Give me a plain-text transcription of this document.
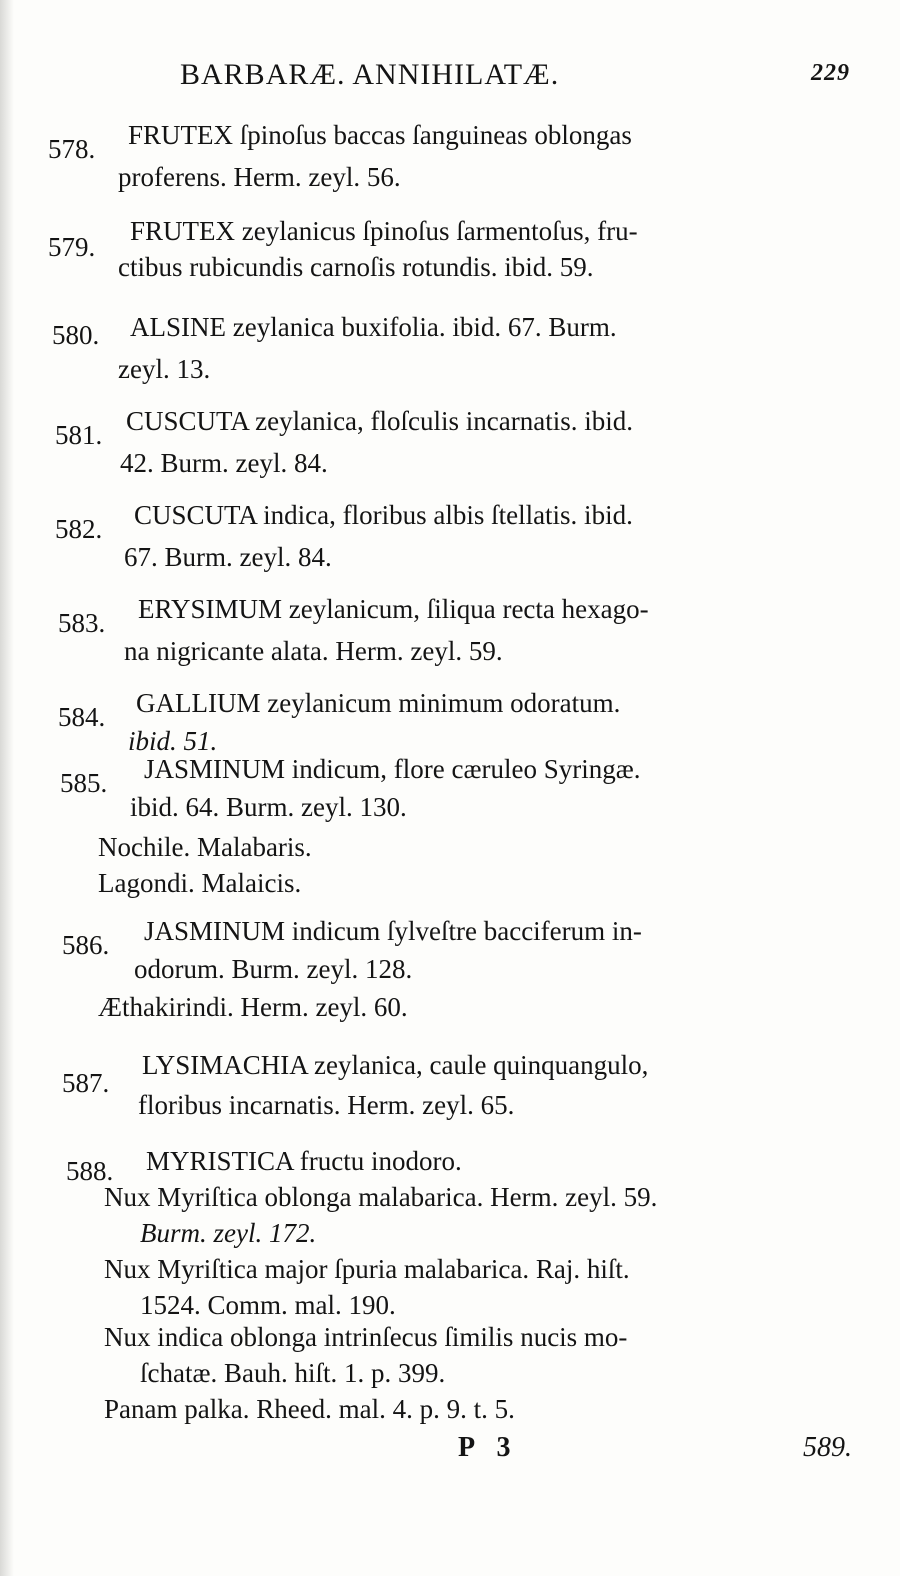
BARBARÆ. ANNIHILATÆ.	229
578. FRUTEX ſpinoſus baccas ſanguineas oblongas
proferens. Herm. zeyl. 56.
579.
FRUTEX zeylanicus ſpinoſus ſarmentoſus, fru-
ctibus rubicundis carnoſis rotundis. ibid. 59.
580. ALSINE zeylanica buxifolia. ibid. 67. Burm.
zeyl. 13.
581. CUSCUTA zeylanica, floſculis incarnatis. ibid.
42. Burm. zeyl. 84.
582. CUSCUTA indica, floribus albis ſtellatis. ibid.
67. Burm. zeyl. 84.
583. ERYSIMUM zeylanicum, ſiliqua recta hexago-
na nigricante alata. Herm. zeyl. 59.
584. GALLIUM zeylanicum minimum odoratum.
ibid. 51.
585. JASMINUM indicum, flore cæruleo Syringæ.
ibid. 64. Burm. zeyl. 130.
Nochile. Malabaris.
Lagondi. Malaicis.
586. JASMINUM indicum ſylveſtre bacciferum in-
odorum. Burm. zeyl. 128.
Æthakirindi. Herm. zeyl. 60.
587.
LYSIMACHIA zeylanica, caule quinquangulo,
floribus incarnatis. Herm. zeyl. 65.
588. MYRISTICA fructu inodoro.
Nux Myriſtica oblonga malabarica. Herm. zeyl. 59.
Burm. zeyl. 172.
Nux Myriſtica major ſpuria malabarica. Raj. hiſt.
1524. Comm. mal. 190.
Nux indica oblonga intrinſecus ſimilis nucis mo-
ſchatæ. Bauh. hiſt. 1. p. 399.
Panam palka. Rheed. mal. 4. p. 9. t. 5.
P 3	589.
